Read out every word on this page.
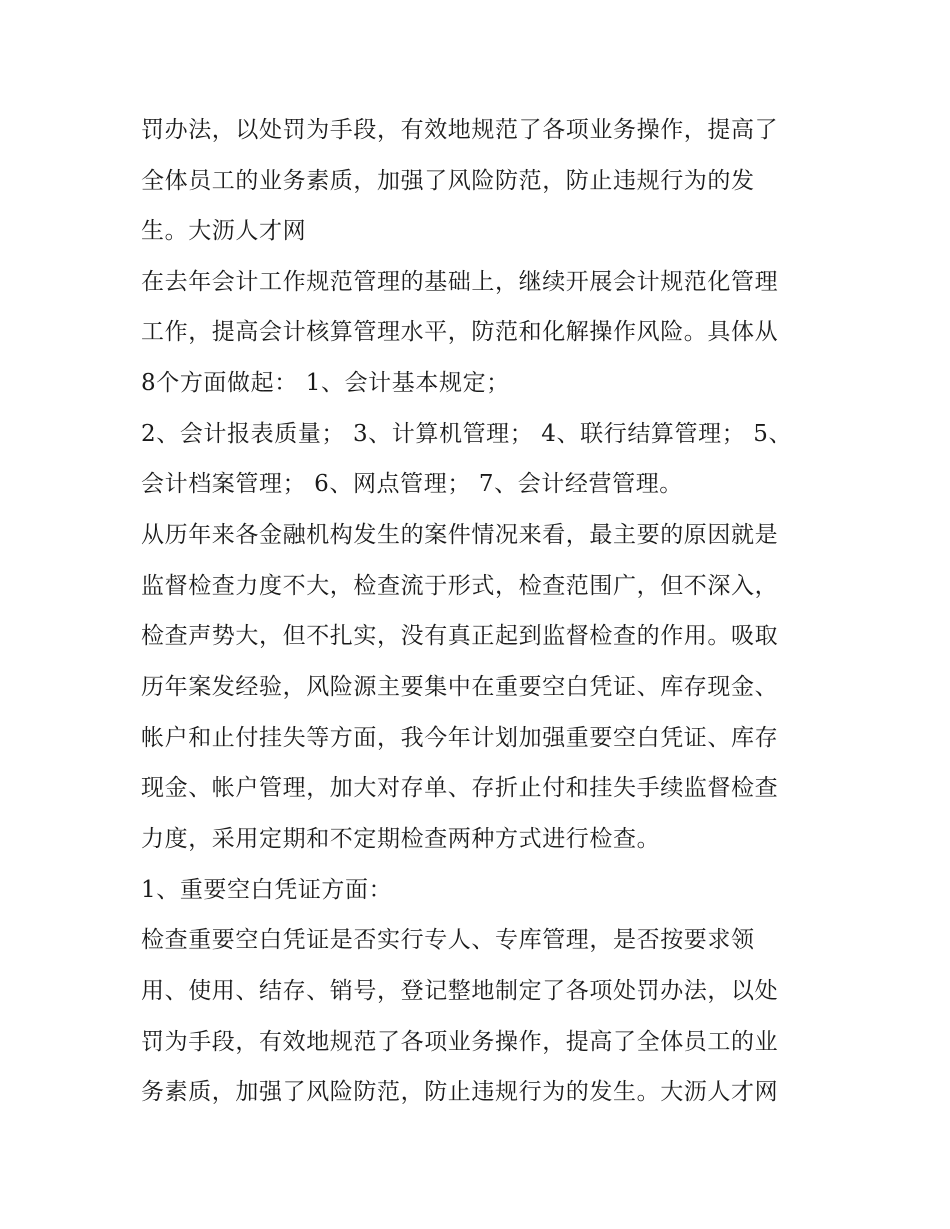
罚办法，以处罚为手段，有效地规范了各项业务操作，提高了
全体员工的业务素质，加强了风险防范，防止违规行为的发
生。大沥人才网
在去年会计工作规范管理的基础上，继续开展会计规范化管理
工作，提高会计核算管理水平，防范和化解操作风险。具体从
8个方面做起： 1、会计基本规定；
2、会计报表质量； 3、计算机管理； 4、联行结算管理； 5、
会计档案管理； 6、网点管理； 7、会计经营管理。
从历年来各金融机构发生的案件情况来看，最主要的原因就是
监督检查力度不大，检查流于形式，检查范围广，但不深入，
检查声势大，但不扎实，没有真正起到监督检查的作用。吸取
历年案发经验，风险源主要集中在重要空白凭证、库存现金、
帐户和止付挂失等方面，我今年计划加强重要空白凭证、库存
现金、帐户管理，加大对存单、存折止付和挂失手续监督检查
力度，采用定期和不定期检查两种方式进行检查。
1、重要空白凭证方面：
检查重要空白凭证是否实行专人、专库管理，是否按要求领
用、使用、结存、销号，登记整地制定了各项处罚办法，以处
罚为手段，有效地规范了各项业务操作，提高了全体员工的业
务素质，加强了风险防范，防止违规行为的发生。大沥人才网
